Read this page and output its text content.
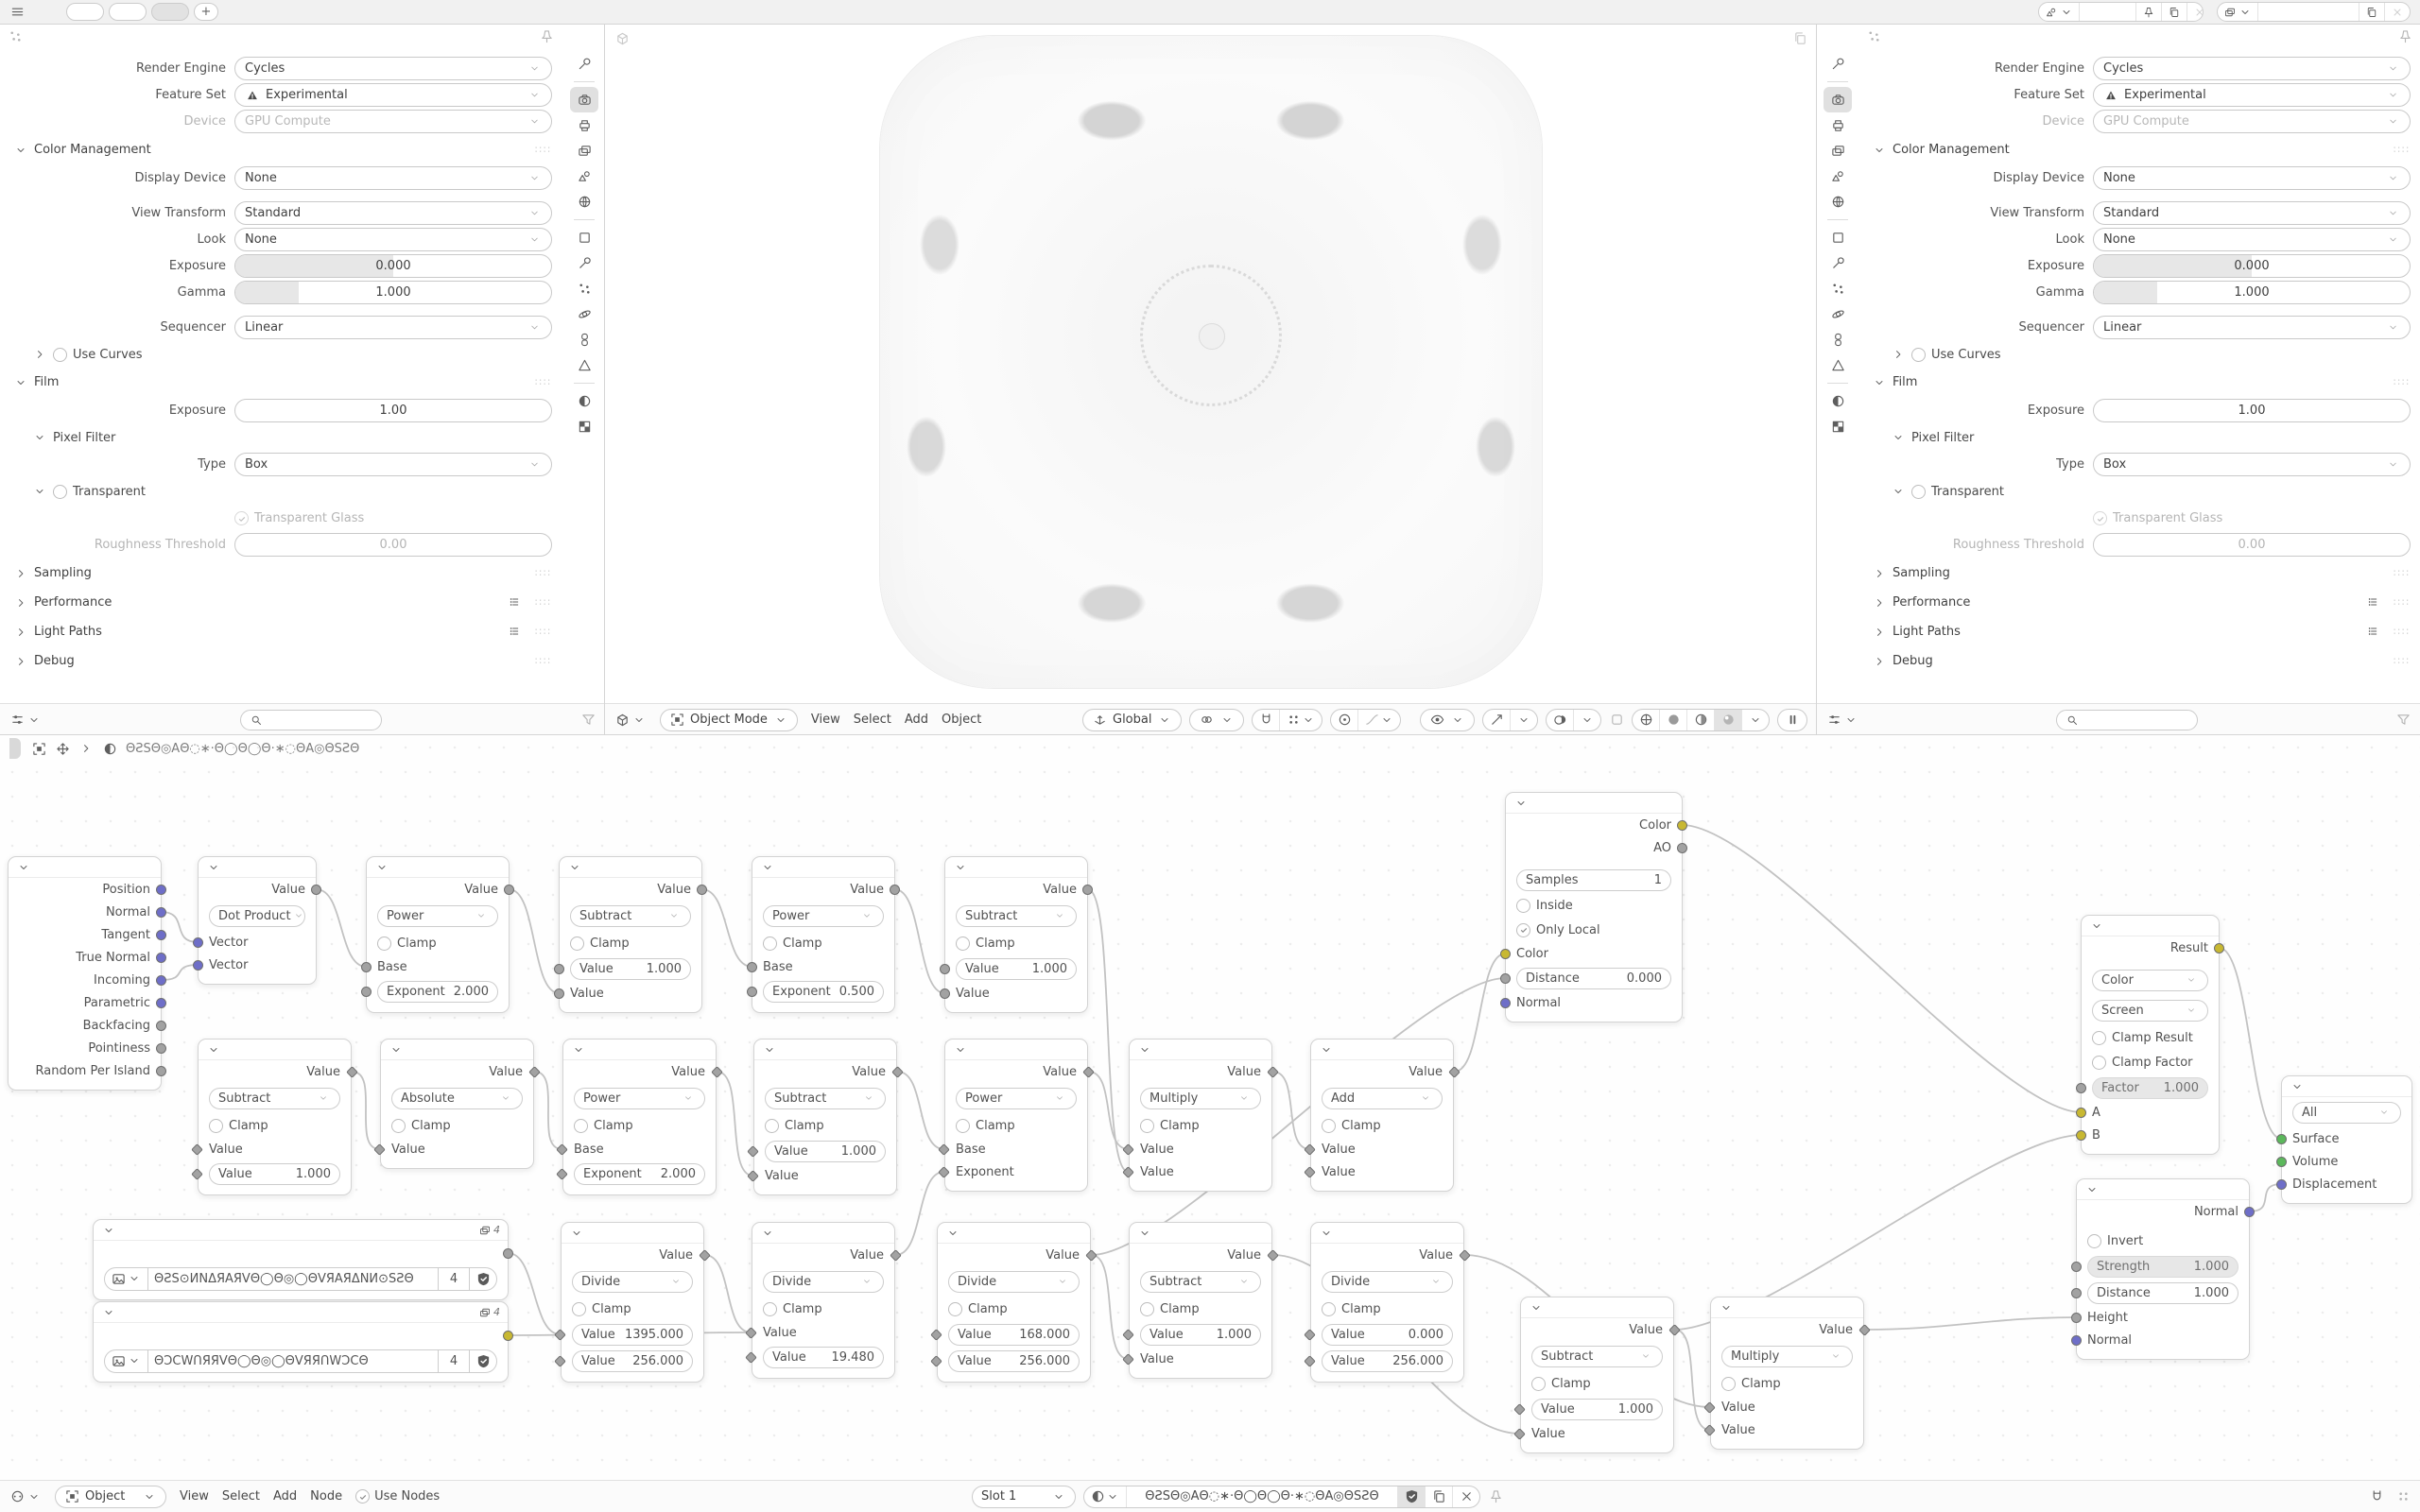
+
Render Engine	Cycles
Feature Set	Experimental
Device	GPU Compute
Color Management	∷∷
Display Device	None
View Transform	Standard
Look	None
Exposure	0.000
Gamma	1.000
Sequencer	Linear
Use Curves
Film	∷∷
Exposure	1.00
Pixel Filter
Type	Box
Transparent
Transparent Glass
Roughness Threshold	0.00
Sampling	∷∷
Performance	∷∷
Light Paths	∷∷
Debug	∷∷
Object Mode	View Select Add Object	Global
Render Engine	Cycles
Feature Set	Experimental
Device	GPU Compute
Color Management	∷∷
Display Device	None
View Transform	Standard
Look	None
Exposure	0.000
Gamma	1.000
Sequencer	Linear
Use Curves
Film	∷∷
Exposure	1.00
Pixel Filter
Type	Box
Transparent
Transparent Glass
Roughness Threshold	0.00
Sampling	∷∷
Performance	∷∷
Light Paths	∷∷
Debug	∷∷
ΘƧSΘ◎AΘ◌∗·Θ◯Θ◯Θ·∗◌ΘA◎ΘSƧΘ
Position
Normal
Tangent
True Normal
Incoming
Parametric
Backfacing
Pointiness
Random Per Island
Value
Dot Product
Vector
Vector
Value
Power
Clamp
Base
Exponent 2.000
Value
Subtract
Clamp
Value	1.000
Value
Value
Power
Clamp
Base
Exponent 0.500
Value
Subtract
Clamp
Value	1.000
Value
Value
Subtract
Clamp
Value
Value	1.000
Value
Absolute
Clamp
Value
Value
Power
Clamp
Base
Exponent 2.000
Value
Subtract
Clamp
Value	1.000
Value
Value
Power
Clamp
Base
Exponent
Value
Multiply
Clamp
Value
Value
Value
Add
Clamp
Value
Value
Color
AO
Samples	1
Inside
Only Local
Color
Distance	0.000
Normal
Result
Color
Screen
Clamp Result
Clamp Factor
Factor 1.000
A
B
All
Surface
Volume
Displacement
Normal
Invert
Strength	1.000
Distance	1.000
Height
Normal
4
ΘƧS⊙ИΝΔЯΑЯVΘ◯Θ◎◯ΘVЯΑЯΔΝИ⊙SƧΘ	4
4
ΘƆCWՈЯЯVΘ◯Θ◎◯ΘVЯЯՈWƆCΘ	4
Value
Divide
Clamp
Value 1395.000
Value 256.000
Value
Divide
Clamp
Value
Value 19.480
Value
Divide
Clamp
Value 168.000
Value 256.000
Value
Subtract
Clamp
Value	1.000
Value
Value
Divide
Clamp
Value	0.000
Value 256.000
Value
Subtract
Clamp
Value	1.000
Value
Value
Multiply
Clamp
Value
Value
Object	View Select Add Node	Use Nodes	Slot 1	ΘƧSΘ◎AΘ◌∗·Θ◯Θ◯Θ·∗◌ΘA◎ΘSƧΘ
